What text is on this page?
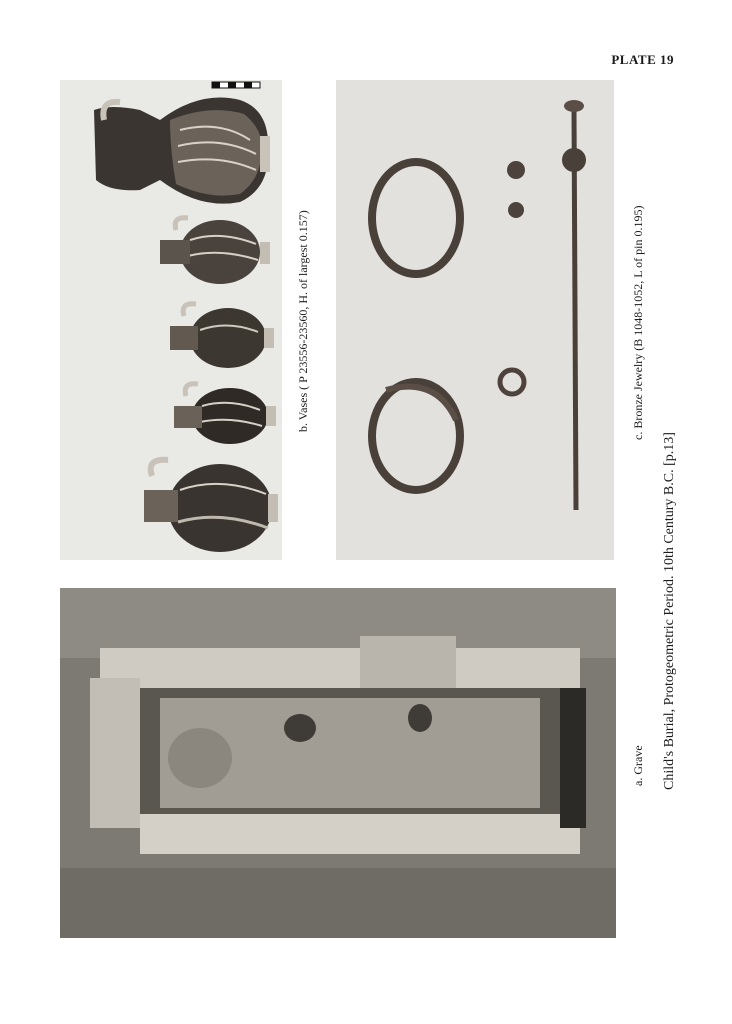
PLATE 19
b. Vases ( P 23556-23560, H. of largest 0.157)	c. Bronze Jewelry (B 1048-1052, L of pin 0.195)
a. Grave Child's Burial, Protogeometric Period. 10th Century B.C. [p.13]
